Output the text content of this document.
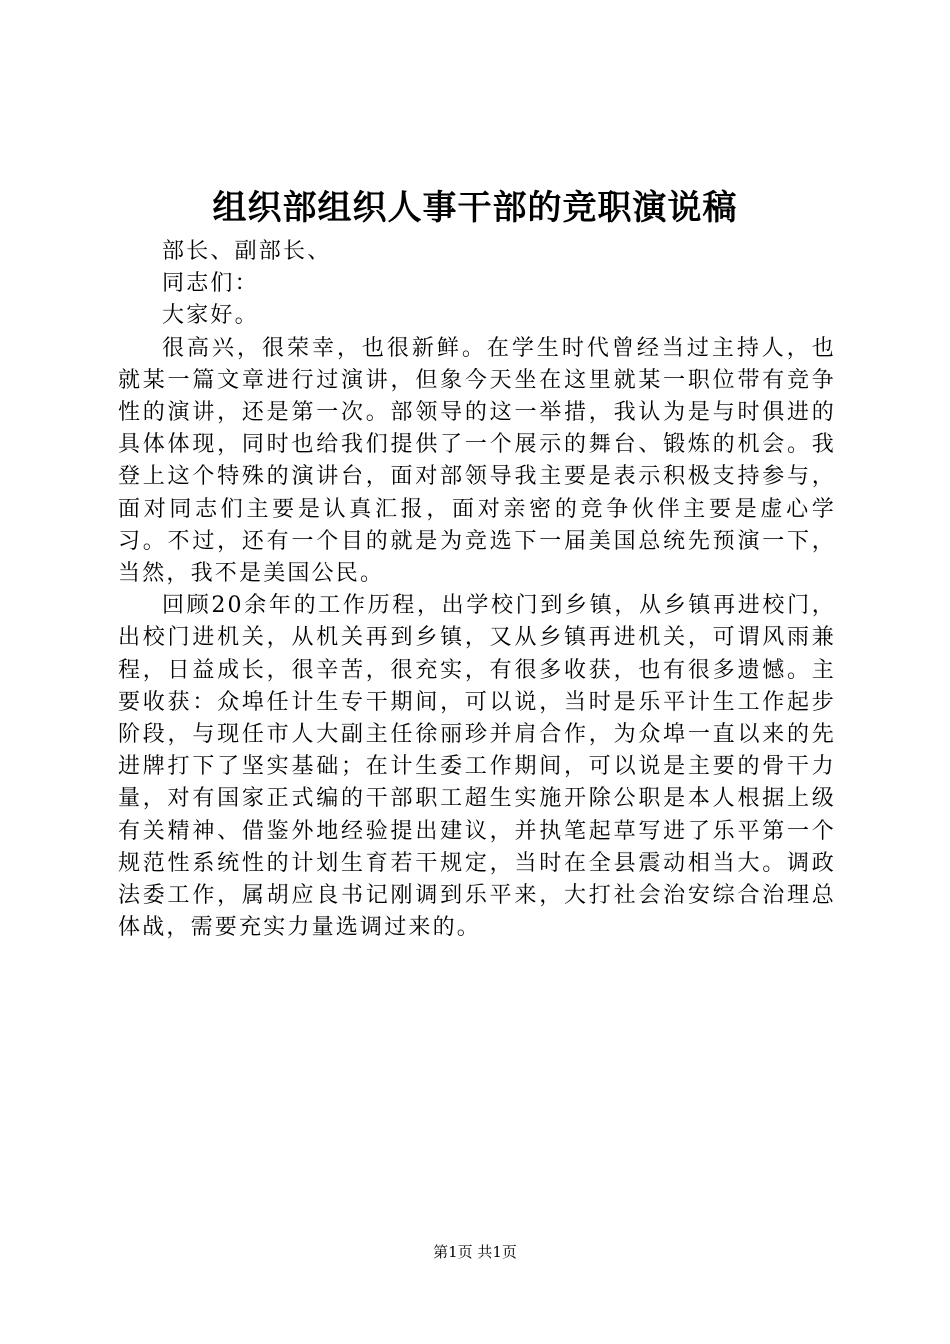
组织部组织人事干部的竞职演说稿

部长、副部长、

同志们：

大家好。

很高兴，很荣幸，也很新鲜。在学生时代曾经当过主持人，也就某一篇文章进行过演讲，但象今天坐在这里就某一职位带有竞争性的演讲，还是第一次。部领导的这一举措，我认为是与时俱进的具体体现，同时也给我们提供了一个展示的舞台、锻炼的机会。我登上这个特殊的演讲台，面对部领导我主要是表示积极支持参与，面对同志们主要是认真汇报，面对亲密的竞争伙伴主要是虚心学习。不过，还有一个目的就是为竞选下一届美国总统先预演一下，当然，我不是美国公民。

回顾20余年的工作历程，出学校门到乡镇，从乡镇再进校门，出校门进机关，从机关再到乡镇，又从乡镇再进机关，可谓风雨兼程，日益成长，很辛苦，很充实，有很多收获，也有很多遗憾。主要收获：众埠任计生专干期间，可以说，当时是乐平计生工作起步阶段，与现任市人大副主任徐丽珍并肩合作，为众埠一直以来的先进牌打下了坚实基础；在计生委工作期间，可以说是主要的骨干力量，对有国家正式编的干部职工超生实施开除公职是本人根据上级有关精神、借鉴外地经验提出建议，并执笔起草写进了乐平第一个规范性系统性的计划生育若干规定，当时在全县震动相当大。调政法委工作，属胡应良书记刚调到乐平来，大打社会治安综合治理总体战，需要充实力量选调过来的。

第1页 共1页
